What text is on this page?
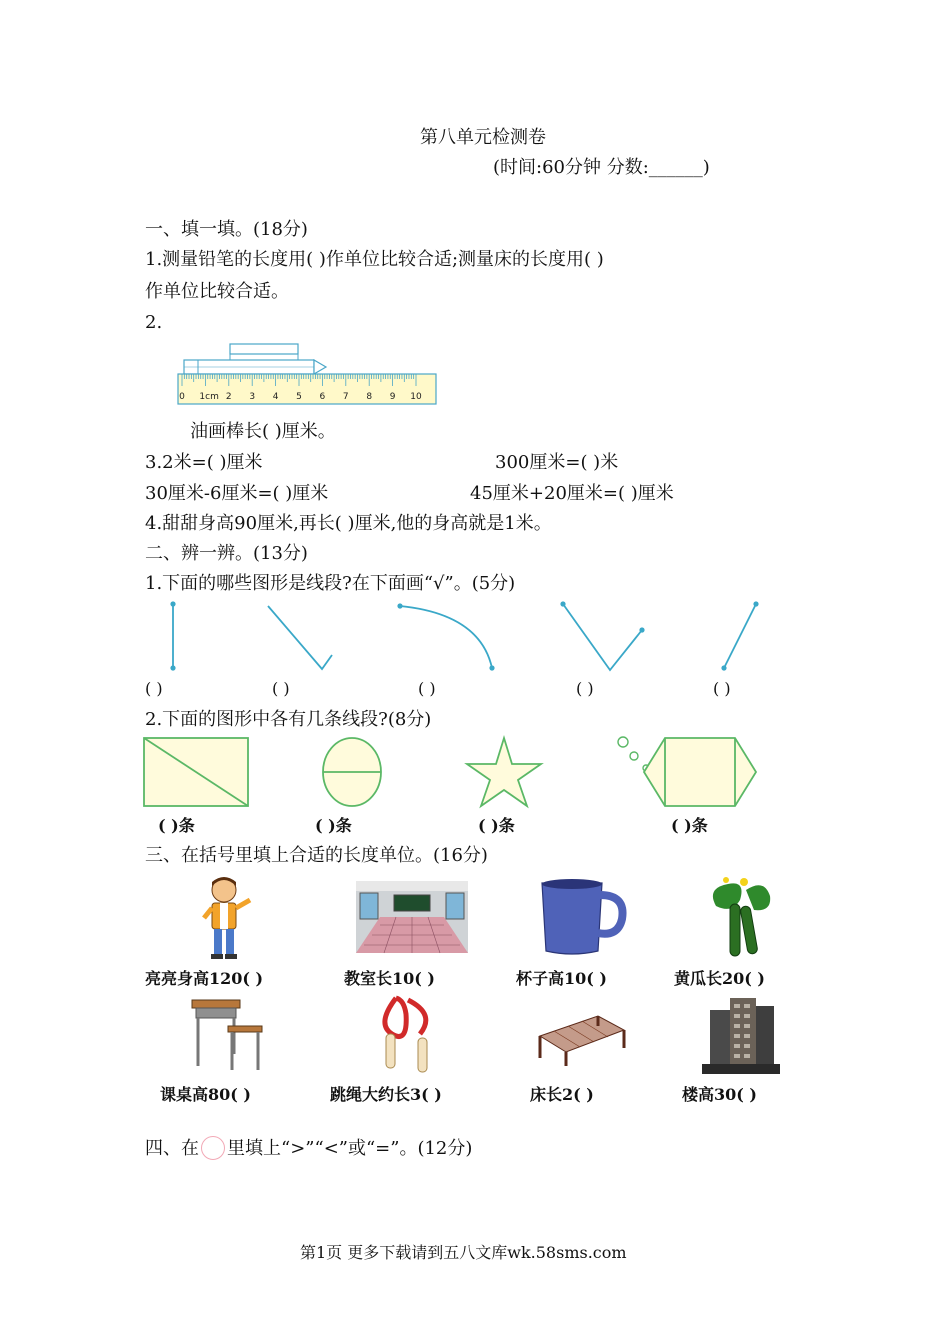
第八单元检测卷
(时间:60分钟 分数:______)
一、填一填。(18分)
1.测量铅笔的长度用( )作单位比较合适;测量床的长度用( )
作单位比较合适。
2.
0 1cm 2 3 4 5 6 7 8 9 10
油画棒长( )厘米。
3.2米=( )厘米	300厘米=( )米
30厘米-6厘米=( )厘米	45厘米+20厘米=( )厘米
4.甜甜身高90厘米,再长( )厘米,他的身高就是1米。
二、辨一辨。(13分)
1.下面的哪些图形是线段?在下面画“√”。(5分)
( )	( )	( )	( )	( )
2.下面的图形中各有几条线段?(8分)
( )条	( )条	( )条	( )条
三、在括号里填上合适的长度单位。(16分)
亮亮身高120( )	教室长10( )	杯子高10( )	黄瓜长20( )
课桌高80( )	跳绳大约长3( )	床长2( )	楼高30( )
四、在 里填上“>”“<”或“=”。(12分)
第1页 更多下载请到五八文库wk.58sms.com
